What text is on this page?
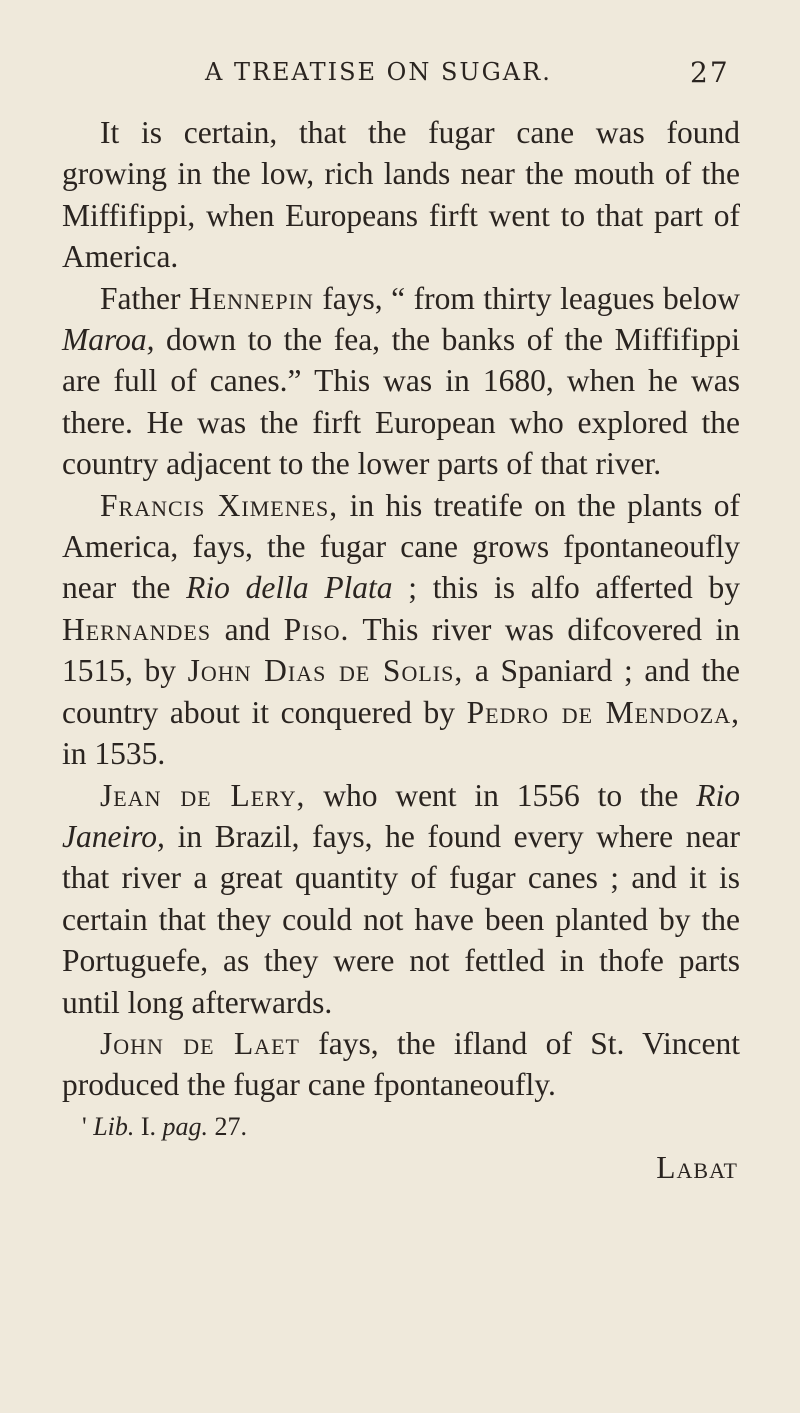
A TREATISE ON SUGAR.	27

It is certain, that the fugar cane was found growing in the low, rich lands near the mouth of the Miffifippi, when Europeans firft went to that part of America.

Father Hennepin fays, “ from thirty leagues below Maroa, down to the fea, the banks of the Miffifippi are full of canes.” This was in 1680, when he was there. He was the firft European who explored the country adjacent to the lower parts of that river.

Francis Ximenes, in his treatife on the plants of America, fays, the fugar cane grows fpontaneoufly near the Rio della Plata ; this is alfo afferted by Hernandes and Piso. This river was difcovered in 1515, by John Dias de Solis, a Spaniard ; and the country about it conquered by Pedro de Mendoza, in 1535.

Jean de Lery, who went in 1556 to the Rio Janeiro, in Brazil, fays, he found every where near that river a great quantity of fugar canes ; and it is certain that they could not have been planted by the Portuguefe, as they were not fettled in thofe parts until long afterwards.

John de Laet fays, the ifland of St. Vincent produced the fugar cane fpontaneoufly.

' Lib. I. pag. 27.
Labat
